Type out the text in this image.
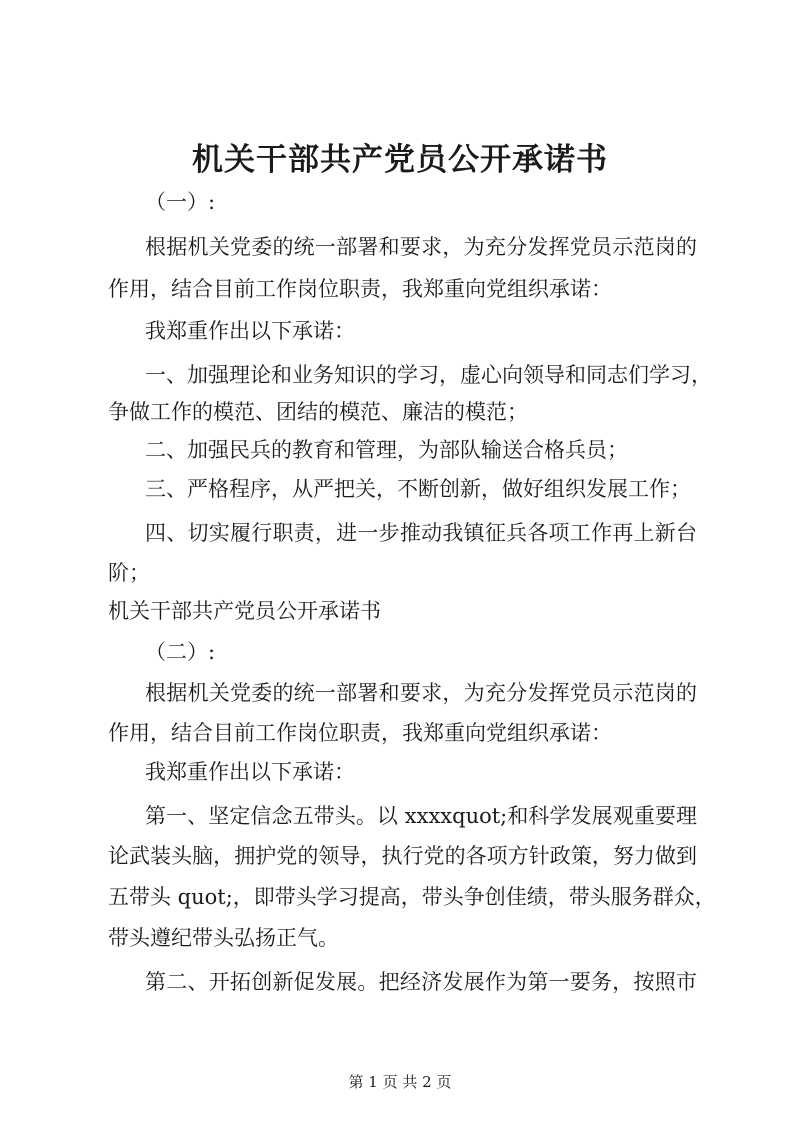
机关干部共产党员公开承诺书
（一）:
根据机关党委的统一部署和要求，为充分发挥党员示范岗的
作用，结合目前工作岗位职责，我郑重向党组织承诺：
我郑重作出以下承诺：
一、加强理论和业务知识的学习，虚心向领导和同志们学习，
争做工作的模范、团结的模范、廉洁的模范；
二、加强民兵的教育和管理，为部队输送合格兵员；
三、严格程序，从严把关，不断创新，做好组织发展工作；
四、切实履行职责，进一步推动我镇征兵各项工作再上新台
阶；
机关干部共产党员公开承诺书
（二）:
根据机关党委的统一部署和要求，为充分发挥党员示范岗的
作用，结合目前工作岗位职责，我郑重向党组织承诺：
我郑重作出以下承诺：
第一、坚定信念五带头。以 xxxxquot;和科学发展观重要理
论武装头脑，拥护党的领导，执行党的各项方针政策，努力做到
五带头 quot;，即带头学习提高，带头争创佳绩，带头服务群众，
带头遵纪带头弘扬正气。
第二、开拓创新促发展。把经济发展作为第一要务，按照市
第 1 页 共 2 页
